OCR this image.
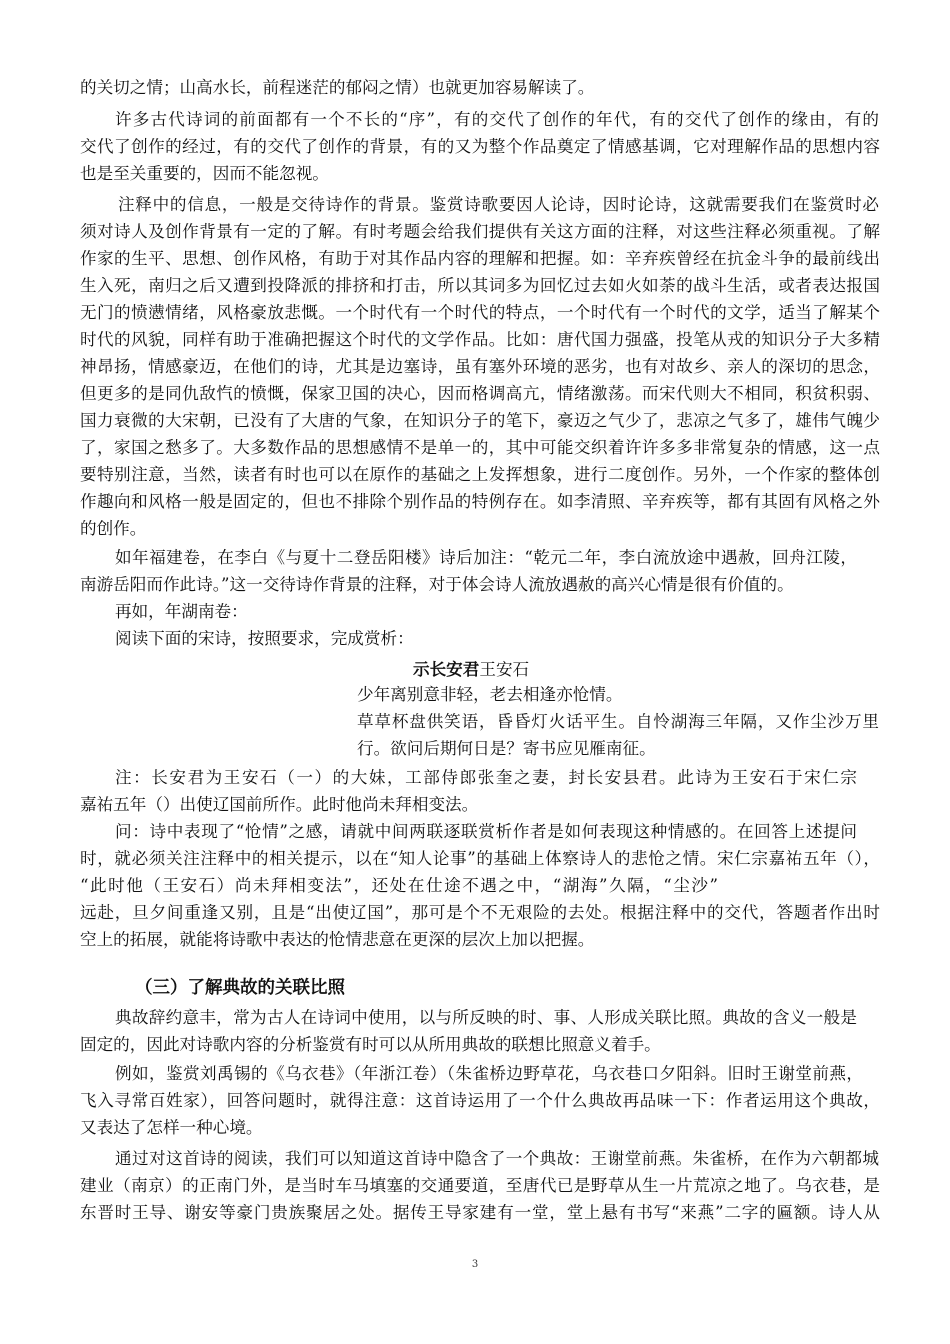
的关切之情；山高水长，前程迷茫的郁闷之情）也就更加容易解读了。
许多古代诗词的前面都有一个不长的“序”，有的交代了创作的年代，有的交代了创作的缘由，有的
交代了创作的经过，有的交代了创作的背景，有的又为整个作品奠定了情感基调，它对理解作品的思想内容
也是至关重要的，因而不能忽视。
注释中的信息，一般是交待诗作的背景。鉴赏诗歌要因人论诗，因时论诗，这就需要我们在鉴赏时必
须对诗人及创作背景有一定的了解。有时考题会给我们提供有关这方面的注释，对这些注释必须重视。了解
作家的生平、思想、创作风格，有助于对其作品内容的理解和把握。如：辛弃疾曾经在抗金斗争的最前线出
生入死，南归之后又遭到投降派的排挤和打击，所以其词多为回忆过去如火如荼的战斗生活，或者表达报国
无门的愤懑情绪，风格豪放悲慨。一个时代有一个时代的特点，一个时代有一个时代的文学，适当了解某个
时代的风貌，同样有助于准确把握这个时代的文学作品。比如：唐代国力强盛，投笔从戎的知识分子大多精
神昂扬，情感豪迈，在他们的诗，尤其是边塞诗，虽有塞外环境的恶劣，也有对故乡、亲人的深切的思念，
但更多的是同仇敌忾的愤慨，保家卫国的决心，因而格调高亢，情绪激荡。而宋代则大不相同，积贫积弱、
国力衰微的大宋朝，已没有了大唐的气象，在知识分子的笔下，豪迈之气少了，悲凉之气多了，雄伟气魄少
了，家国之愁多了。大多数作品的思想感情不是单一的，其中可能交织着许许多多非常复杂的情感，这一点
要特别注意，当然，读者有时也可以在原作的基础之上发挥想象，进行二度创作。另外，一个作家的整体创
作趣向和风格一般是固定的，但也不排除个别作品的特例存在。如李清照、辛弃疾等，都有其固有风格之外
的创作。
如年福建卷，在李白《与夏十二登岳阳楼》诗后加注：“乾元二年，李白流放途中遇赦，回舟江陵，
南游岳阳而作此诗。”这一交待诗作背景的注释，对于体会诗人流放遇赦的高兴心情是很有价值的。
再如，年湖南卷：
阅读下面的宋诗，按照要求，完成赏析：
示长安君王安石
少年离别意非轻，老去相逢亦怆情。
草草杯盘供笑语，昏昏灯火话平生。自怜湖海三年隔，又作尘沙万里
行。欲问后期何日是？寄书应见雁南征。
注：长安君为王安石（一）的大妹，工部侍郎张奎之妻，封长安县君。此诗为王安石于宋仁宗
嘉祐五年（）出使辽国前所作。此时他尚未拜相变法。
问：诗中表现了“怆情”之感，请就中间两联逐联赏析作者是如何表现这种情感的。在回答上述提问
时，就必须关注注释中的相关提示，以在“知人论事”的基础上体察诗人的悲怆之情。宋仁宗嘉祐五年（），
“此时他（王安石）尚未拜相变法”，还处在仕途不遇之中，“湖海”久隔，“尘沙”
远赴，旦夕间重逢又别，且是“出使辽国”，那可是个不无艰险的去处。根据注释中的交代，答题者作出时
空上的拓展，就能将诗歌中表达的怆情悲意在更深的层次上加以把握。
（三）了解典故的关联比照
典故辞约意丰，常为古人在诗词中使用，以与所反映的时、事、人形成关联比照。典故的含义一般是
固定的，因此对诗歌内容的分析鉴赏有时可以从所用典故的联想比照意义着手。
例如，鉴赏刘禹锡的《乌衣巷》（年浙江卷）（朱雀桥边野草花，乌衣巷口夕阳斜。旧时王谢堂前燕，
飞入寻常百姓家），回答问题时，就得注意：这首诗运用了一个什么典故再品味一下：作者运用这个典故，
又表达了怎样一种心境。
通过对这首诗的阅读，我们可以知道这首诗中隐含了一个典故：王谢堂前燕。朱雀桥，在作为六朝都城
建业（南京）的正南门外，是当时车马填塞的交通要道，至唐代已是野草从生一片荒凉之地了。乌衣巷，是
东晋时王导、谢安等豪门贵族聚居之处。据传王导家建有一堂，堂上悬有书写“来燕”二字的匾额。诗人从
3
